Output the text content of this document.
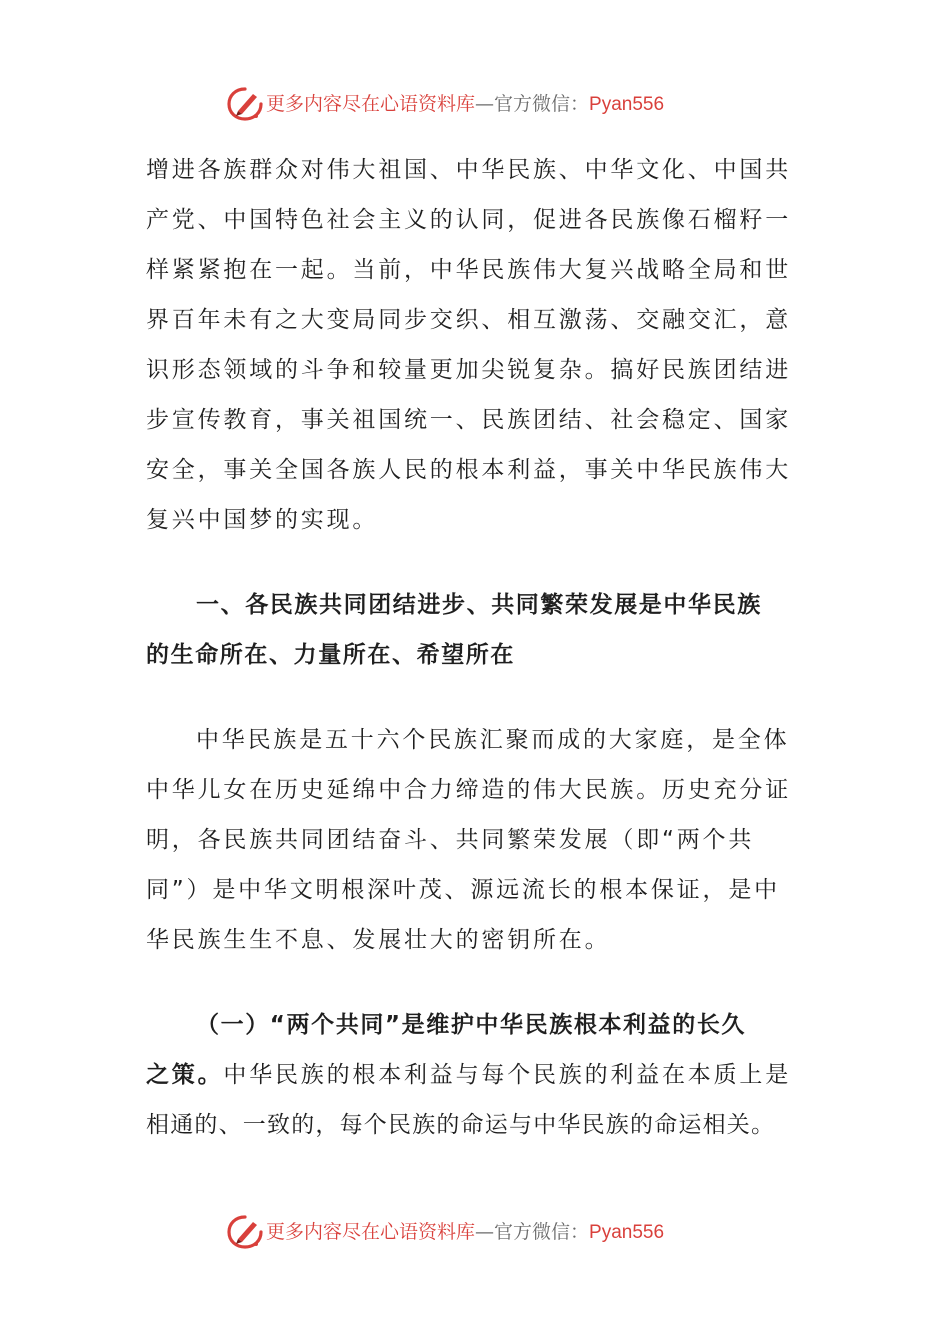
更多内容尽在心语资料库—官方微信：Pyan556
增进各族群众对伟大祖国、中华民族、中华文化、中国共
产党、中国特色社会主义的认同，促进各民族像石榴籽一
样紧紧抱在一起。当前，中华民族伟大复兴战略全局和世
界百年未有之大变局同步交织、相互激荡、交融交汇，意
识形态领域的斗争和较量更加尖锐复杂。搞好民族团结进
步宣传教育，事关祖国统一、民族团结、社会稳定、国家
安全，事关全国各族人民的根本利益，事关中华民族伟大
复兴中国梦的实现。
一、各民族共同团结进步、共同繁荣发展是中华民族
的生命所在、力量所在、希望所在
中华民族是五十六个民族汇聚而成的大家庭，是全体
中华儿女在历史延绵中合力缔造的伟大民族。历史充分证
明，各民族共同团结奋斗、共同繁荣发展（即“两个共
同”）是中华文明根深叶茂、源远流长的根本保证，是中
华民族生生不息、发展壮大的密钥所在。
（一）“两个共同”是维护中华民族根本利益的长久
之策。中华民族的根本利益与每个民族的利益在本质上是
相通的、一致的，每个民族的命运与中华民族的命运相关。
更多内容尽在心语资料库—官方微信：Pyan556
